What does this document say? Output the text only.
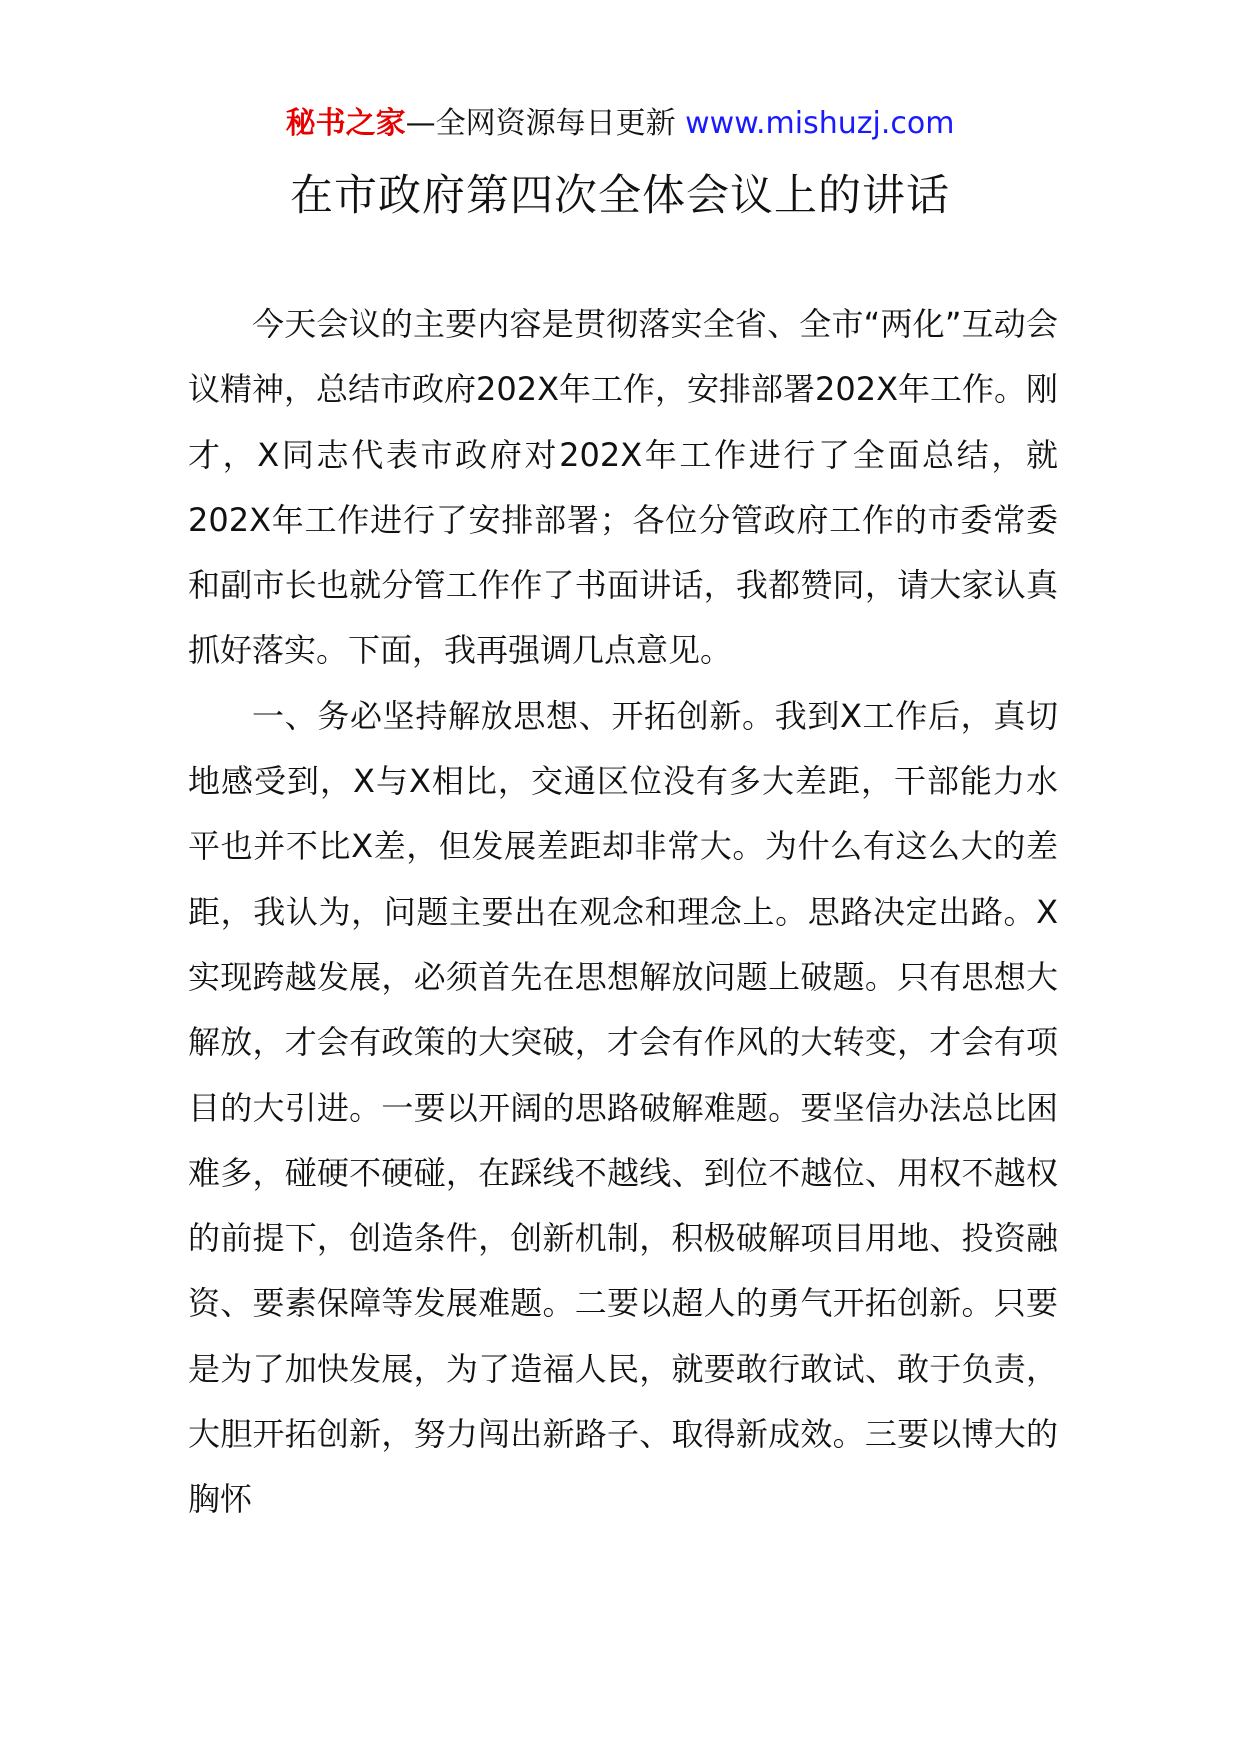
秘书之家—全网资源每日更新 www.mishuzj.com
在市政府第四次全体会议上的讲话

今天会议的主要内容是贯彻落实全省、全市“两化”互动会议精神，总结市政府202X年工作，安排部署202X年工作。刚才，X同志代表市政府对202X年工作进行了全面总结，就202X年工作进行了安排部署；各位分管政府工作的市委常委和副市长也就分管工作作了书面讲话，我都赞同，请大家认真抓好落实。下面，我再强调几点意见。

一、务必坚持解放思想、开拓创新。我到X工作后，真切地感受到，X与X相比，交通区位没有多大差距，干部能力水平也并不比X差，但发展差距却非常大。为什么有这么大的差距，我认为，问题主要出在观念和理念上。思路决定出路。X实现跨越发展，必须首先在思想解放问题上破题。只有思想大解放，才会有政策的大突破，才会有作风的大转变，才会有项目的大引进。一要以开阔的思路破解难题。要坚信办法总比困难多，碰硬不硬碰，在踩线不越线、到位不越位、用权不越权的前提下，创造条件，创新机制，积极破解项目用地、投资融资、要素保障等发展难题。二要以超人的勇气开拓创新。只要是为了加快发展，为了造福人民，就要敢行敢试、敢于负责，大胆开拓创新，努力闯出新路子、取得新成效。三要以博大的胸怀
